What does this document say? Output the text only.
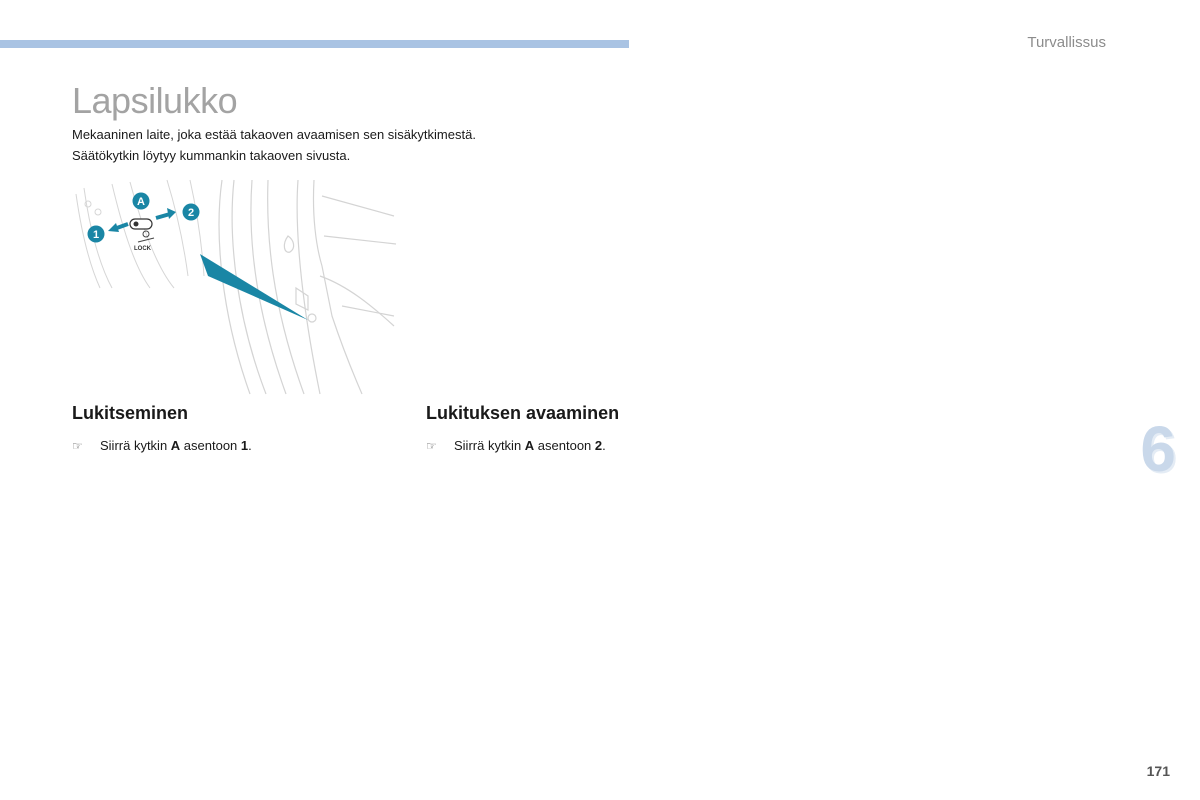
Turvallissus
Lapsilukko

Mekaaninen laite, joka estää takaoven avaamisen sen sisäkytkimestä.

Säätökytkin löytyy kummankin takaoven sivusta.

LOCK
A
1
2
Lukitseminen
☞	Siirrä kytkin A asentoon 1.
Lukituksen avaaminen
☞	Siirrä kytkin A asentoon 2.	6
171
